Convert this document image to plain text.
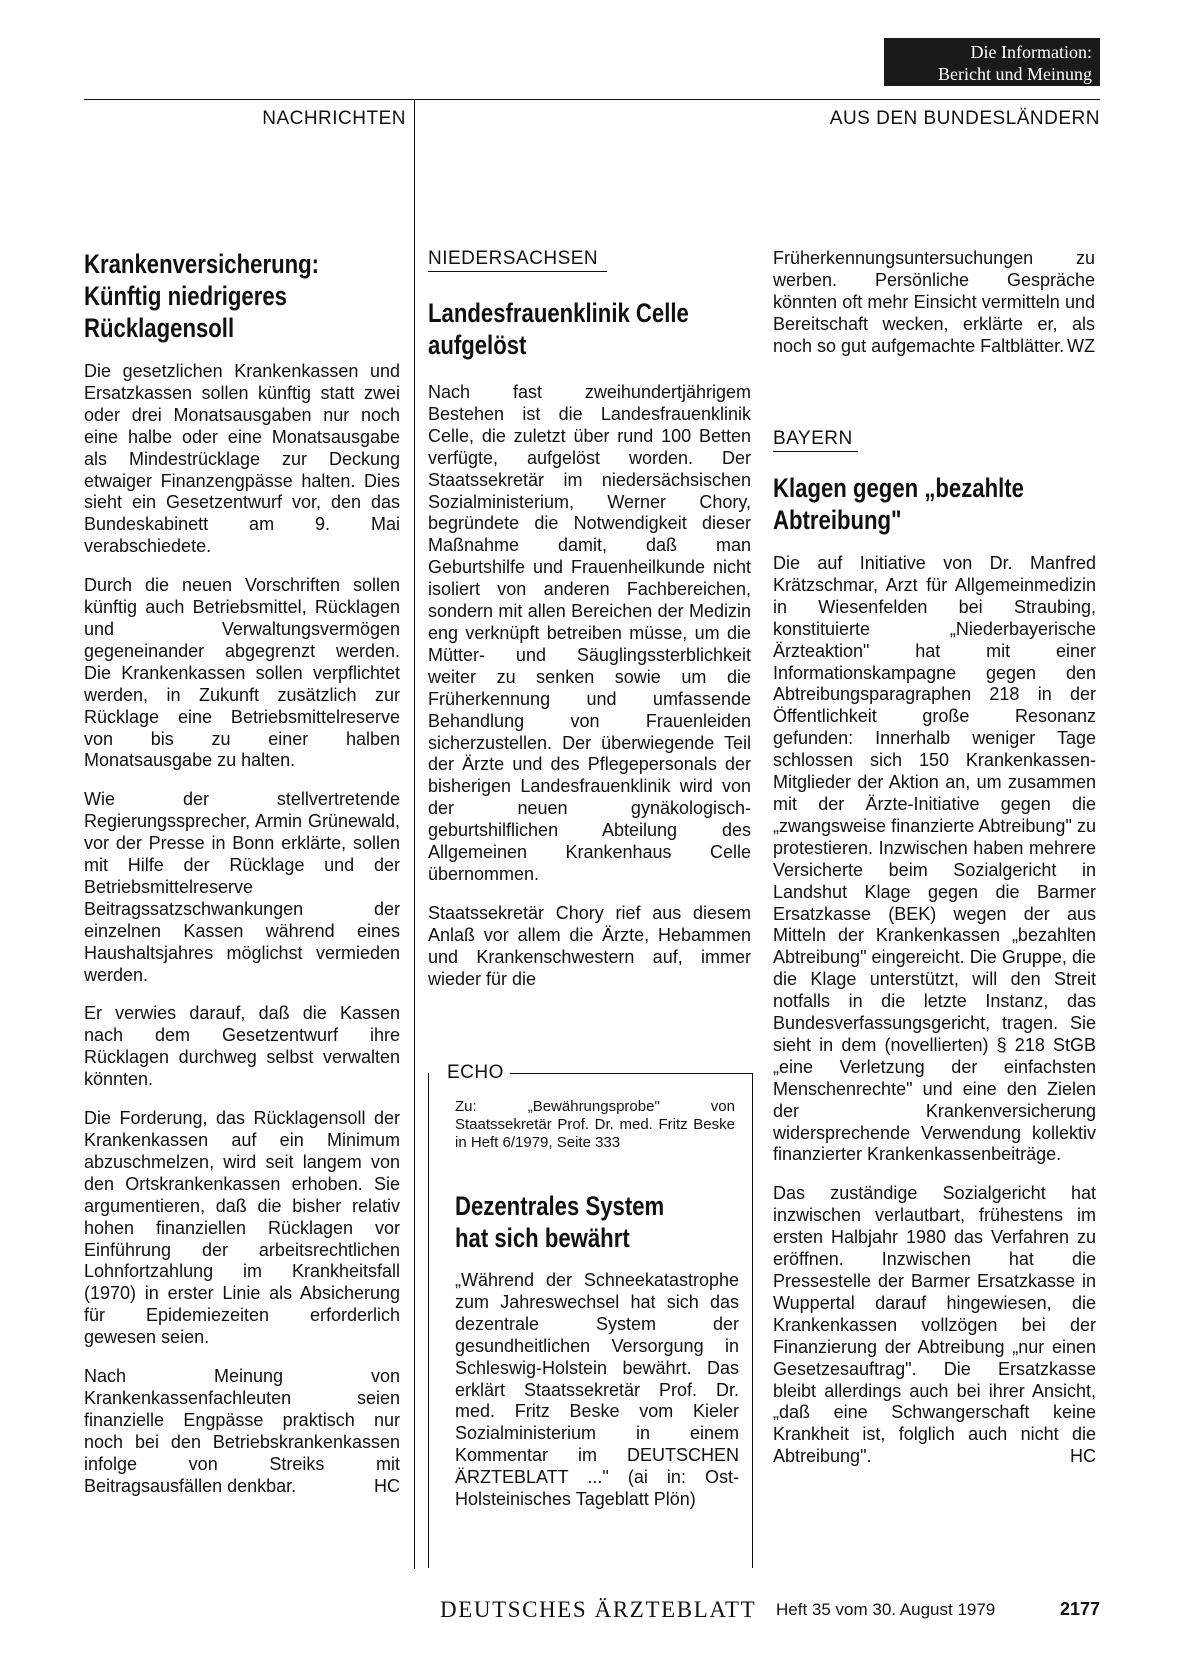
Die Information:
Bericht und Meinung
NACHRICHTEN	AUS DEN BUNDESLÄNDERN
Krankenversicherung: Künftig niedrigeres Rücklagensoll

Die gesetzlichen Krankenkassen und Ersatzkassen sollen künftig statt zwei oder drei Monatsausgaben nur noch eine halbe oder eine Monatsausgabe als Mindestrücklage zur Deckung etwaiger Finanzengpässe halten. Dies sieht ein Gesetzentwurf vor, den das Bundeskabinett am 9. Mai verabschiedete.

Durch die neuen Vorschriften sollen künftig auch Betriebsmittel, Rücklagen und Verwaltungsvermögen gegeneinander abgegrenzt werden. Die Krankenkassen sollen verpflichtet werden, in Zukunft zusätzlich zur Rücklage eine Betriebsmittelreserve von bis zu einer halben Monatsausgabe zu halten.

Wie der stellvertretende Regierungssprecher, Armin Grünewald, vor der Presse in Bonn erklärte, sollen mit Hilfe der Rücklage und der Betriebsmittelreserve Beitragssatzschwankungen der einzelnen Kassen während eines Haushaltsjahres möglichst vermieden werden.

Er verwies darauf, daß die Kassen nach dem Gesetzentwurf ihre Rücklagen durchweg selbst verwalten könnten.

Die Forderung, das Rücklagensoll der Krankenkassen auf ein Minimum abzuschmelzen, wird seit langem von den Ortskrankenkassen erhoben. Sie argumentieren, daß die bisher relativ hohen finanziellen Rücklagen vor Einführung der arbeitsrechtlichen Lohnfortzahlung im Krankheitsfall (1970) in erster Linie als Absicherung für Epidemiezeiten erforderlich gewesen seien.

Nach Meinung von Krankenkassenfachleuten seien finanzielle Engpässe praktisch nur noch bei den Betriebskrankenkassen infolge von Streiks mit Beitragsausfällen denkbar.	HC

NIEDERSACHSEN
Landesfrauenklinik Celle aufgelöst

Nach fast zweihundertjährigem Bestehen ist die Landesfrauenklinik Celle, die zuletzt über rund 100 Betten verfügte, aufgelöst worden. Der Staatssekretär im niedersächsischen Sozialministerium, Werner Chory, begründete die Notwendigkeit dieser Maßnahme damit, daß man Geburtshilfe und Frauenheilkunde nicht isoliert von anderen Fachbereichen, sondern mit allen Bereichen der Medizin eng verknüpft betreiben müsse, um die Mütter- und Säuglingssterblichkeit weiter zu senken sowie um die Früherkennung und umfassende Behandlung von Frauenleiden sicherzustellen. Der überwiegende Teil der Ärzte und des Pflegepersonals der bisherigen Landesfrauenklinik wird von der neuen gynäkologisch-geburtshilflichen Abteilung des Allgemeinen Krankenhaus Celle übernommen.

Staatssekretär Chory rief aus diesem Anlaß vor allem die Ärzte, Hebammen und Krankenschwestern auf, immer wieder für die

ECHO
Zu: „Bewährungsprobe" von Staatssekretär Prof. Dr. med. Fritz Beske in Heft 6/1979, Seite 333
Dezentrales System hat sich bewährt
„Während der Schneekatastrophe zum Jahreswechsel hat sich das dezentrale System der gesundheitlichen Versorgung in Schleswig-Holstein bewährt. Das erklärt Staatssekretär Prof. Dr. med. Fritz Beske vom Kieler Sozialministerium in einem Kommentar im DEUTSCHEN ÄRZTEBLATT ..." (ai in: Ost-Holsteinisches Tageblatt Plön)

Früherkennungsuntersuchungen zu werben. Persönliche Gespräche könnten oft mehr Einsicht vermitteln und Bereitschaft wecken, erklärte er, als noch so gut aufgemachte Faltblätter. WZ

BAYERN
Klagen gegen „bezahlte Abtreibung"

Die auf Initiative von Dr. Manfred Krätzschmar, Arzt für Allgemeinmedizin in Wiesenfelden bei Straubing, konstituierte „Niederbayerische Ärzteaktion" hat mit einer Informationskampagne gegen den Abtreibungsparagraphen 218 in der Öffentlichkeit große Resonanz gefunden: Innerhalb weniger Tage schlossen sich 150 Krankenkassen-Mitglieder der Aktion an, um zusammen mit der Ärzte-Initiative gegen die „zwangsweise finanzierte Abtreibung" zu protestieren. Inzwischen haben mehrere Versicherte beim Sozialgericht in Landshut Klage gegen die Barmer Ersatzkasse (BEK) wegen der aus Mitteln der Krankenkassen „bezahlten Abtreibung" eingereicht. Die Gruppe, die die Klage unterstützt, will den Streit notfalls in die letzte Instanz, das Bundesverfassungsgericht, tragen. Sie sieht in dem (novellierten) § 218 StGB „eine Verletzung der einfachsten Menschenrechte" und eine den Zielen der Krankenversicherung widersprechende Verwendung kollektiv finanzierter Krankenkassenbeiträge.

Das zuständige Sozialgericht hat inzwischen verlautbart, frühestens im ersten Halbjahr 1980 das Verfahren zu eröffnen. Inzwischen hat die Pressestelle der Barmer Ersatzkasse in Wuppertal darauf hingewiesen, die Krankenkassen vollzögen bei der Finanzierung der Abtreibung „nur einen Gesetzesauftrag". Die Ersatzkasse bleibt allerdings auch bei ihrer Ansicht, „daß eine Schwangerschaft keine Krankheit ist, folglich auch nicht die Abtreibung".	HC

DEUTSCHES ÄRZTEBLATT Heft 35 vom 30. August 1979	2177
